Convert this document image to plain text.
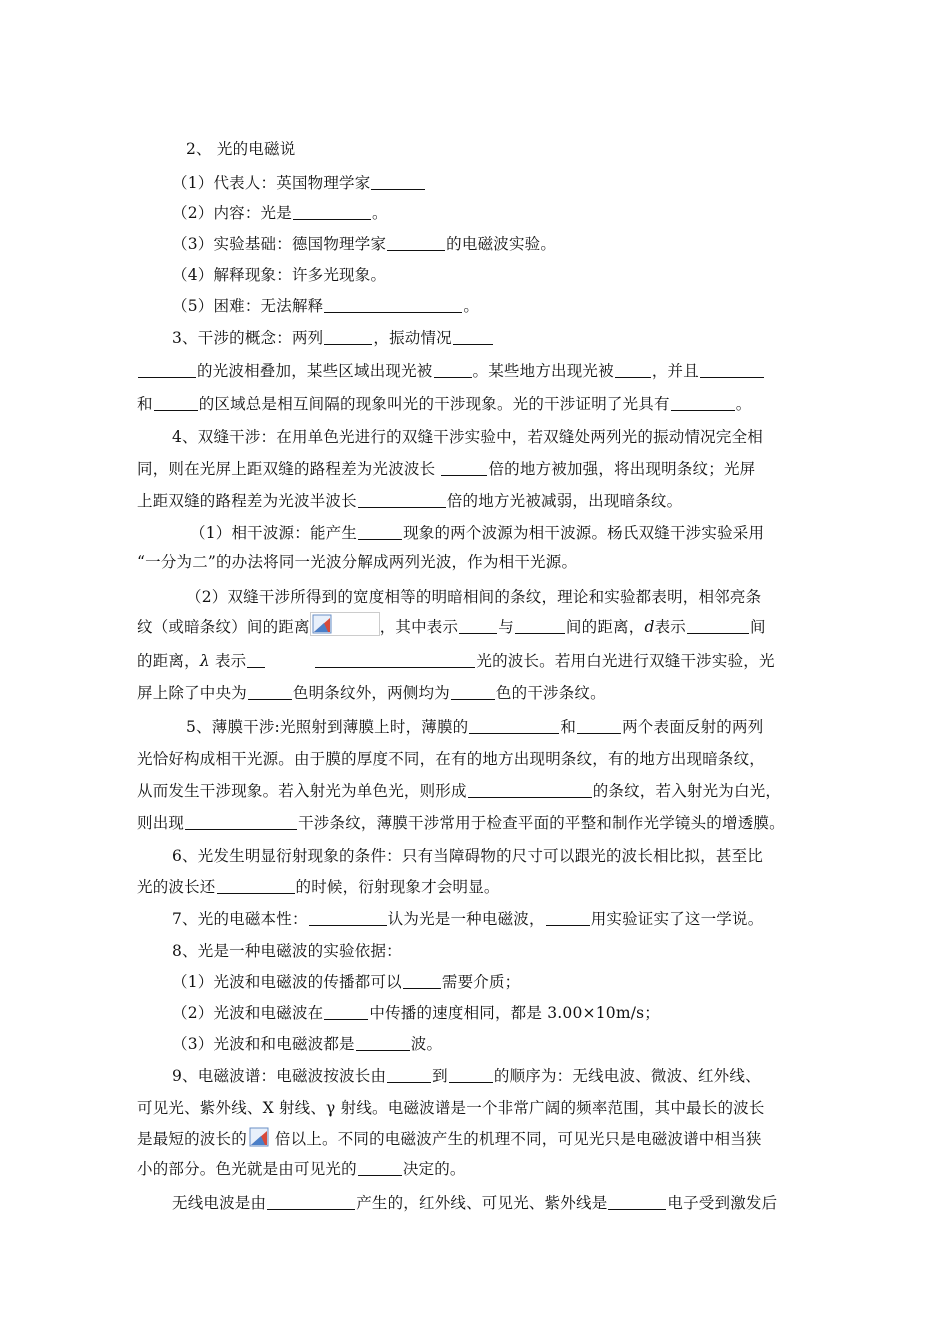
2、 光的电磁说
（1）代表人：英国物理学家
（2）内容：光是	。
（3）实验基础：德国物理学家	的电磁波实验。
（4）解释现象：许多光现象。
（5）困难：无法解释	。
3、干涉的概念：两列	，振动情况
的光波相叠加，某些区域出现光被	。某些地方出现光被 ，并且
和	的区域总是相互间隔的现象叫光的干涉现象。光的干涉证明了光具有	。
4、双缝干涉：在用单色光进行的双缝干涉实验中，若双缝处两列光的振动情况完全相
同，则在光屏上距双缝的路程差为光波波长	倍的地方被加强，将出现明条纹；光屏
上距双缝的路程差为光波半波长	倍的地方光被减弱，出现暗条纹。
（1）相干波源：能产生	现象的两个波源为相干波源。杨氏双缝干涉实验采用
“一分为二”的办法将同一光波分解成两列光波，作为相干光源。
（2）双缝干涉所得到的宽度相等的明暗相间的条纹，理论和实验都表明，相邻亮条
纹（或暗条纹）间的距离	，其中表示	与	间的距离，d表示	间
的距离，λ 表示	光的波长。若用白光进行双缝干涉实验，光
屏上除了中央为	色明条纹外，两侧均为	色的干涉条纹。
5、薄膜干涉:光照射到薄膜上时，薄膜的	和	两个表面反射的两列
光恰好构成相干光源。由于膜的厚度不同，在有的地方出现明条纹，有的地方出现暗条纹，
从而发生干涉现象。若入射光为单色光，则形成	的条纹，若入射光为白光，
则出现	干涉条纹，薄膜干涉常用于检查平面的平整和制作光学镜头的增透膜。
6、光发生明显衍射现象的条件：只有当障碍物的尺寸可以跟光的波长相比拟，甚至比
光的波长还	的时候，衍射现象才会明显。
7、光的电磁本性：	认为光是一种电磁波，	用实验证实了这一学说。
8、光是一种电磁波的实验依据：
（1）光波和电磁波的传播都可以	需要介质；
（2）光波和电磁波在	中传播的速度相同，都是 3.00×10m/s；
（3）光波和和电磁波都是	波。
9、电磁波谱：电磁波按波长由	到	的顺序为：无线电波、微波、红外线、
可见光、紫外线、X 射线、γ 射线。电磁波谱是一个非常广阔的频率范围，其中最长的波长
是最短的波长的 倍以上。不同的电磁波产生的机理不同，可见光只是电磁波谱中相当狭
小的部分。色光就是由可见光的	决定的。
无线电波是由	产生的，红外线、可见光、紫外线是	电子受到激发后
